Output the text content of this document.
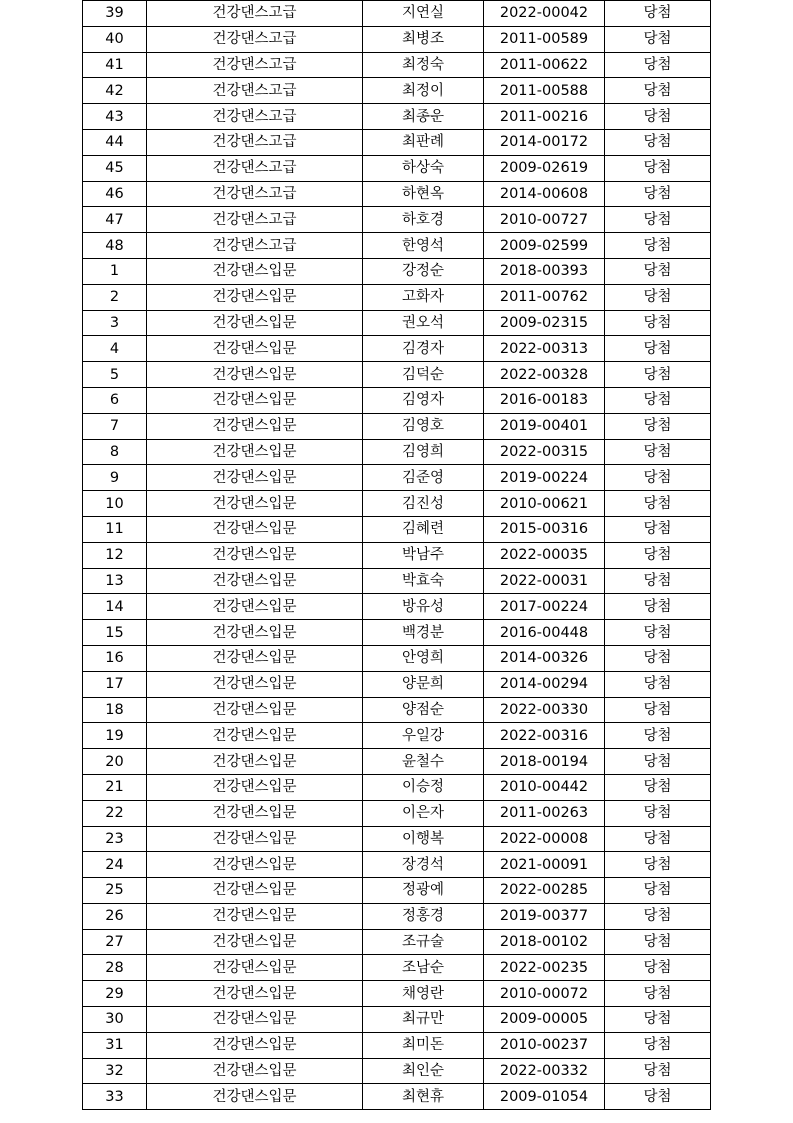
39	건강댄스고급	지연실	2022-00042	당첨
40	건강댄스고급	최병조	2011-00589	당첨
41	건강댄스고급	최정숙	2011-00622	당첨
42	건강댄스고급	최정이	2011-00588	당첨
43	건강댄스고급	최종운	2011-00216	당첨
44	건강댄스고급	최판례	2014-00172	당첨
45	건강댄스고급	하상숙	2009-02619	당첨
46	건강댄스고급	하현옥	2014-00608	당첨
47	건강댄스고급	하호경	2010-00727	당첨
48	건강댄스고급	한영석	2009-02599	당첨
1	건강댄스입문	강정순	2018-00393	당첨
2	건강댄스입문	고화자	2011-00762	당첨
3	건강댄스입문	권오석	2009-02315	당첨
4	건강댄스입문	김경자	2022-00313	당첨
5	건강댄스입문	김덕순	2022-00328	당첨
6	건강댄스입문	김영자	2016-00183	당첨
7	건강댄스입문	김영호	2019-00401	당첨
8	건강댄스입문	김영희	2022-00315	당첨
9	건강댄스입문	김준영	2019-00224	당첨
10	건강댄스입문	김진성	2010-00621	당첨
11	건강댄스입문	김혜련	2015-00316	당첨
12	건강댄스입문	박남주	2022-00035	당첨
13	건강댄스입문	박효숙	2022-00031	당첨
14	건강댄스입문	방유성	2017-00224	당첨
15	건강댄스입문	백경분	2016-00448	당첨
16	건강댄스입문	안영희	2014-00326	당첨
17	건강댄스입문	양문희	2014-00294	당첨
18	건강댄스입문	양점순	2022-00330	당첨
19	건강댄스입문	우일강	2022-00316	당첨
20	건강댄스입문	윤철수	2018-00194	당첨
21	건강댄스입문	이승정	2010-00442	당첨
22	건강댄스입문	이은자	2011-00263	당첨
23	건강댄스입문	이행복	2022-00008	당첨
24	건강댄스입문	장경석	2021-00091	당첨
25	건강댄스입문	정광예	2022-00285	당첨
26	건강댄스입문	정홍경	2019-00377	당첨
27	건강댄스입문	조규술	2018-00102	당첨
28	건강댄스입문	조남순	2022-00235	당첨
29	건강댄스입문	채영란	2010-00072	당첨
30	건강댄스입문	최규만	2009-00005	당첨
31	건강댄스입문	최미돈	2010-00237	당첨
32	건강댄스입문	최인순	2022-00332	당첨
33	건강댄스입문	최현휴	2009-01054	당첨
